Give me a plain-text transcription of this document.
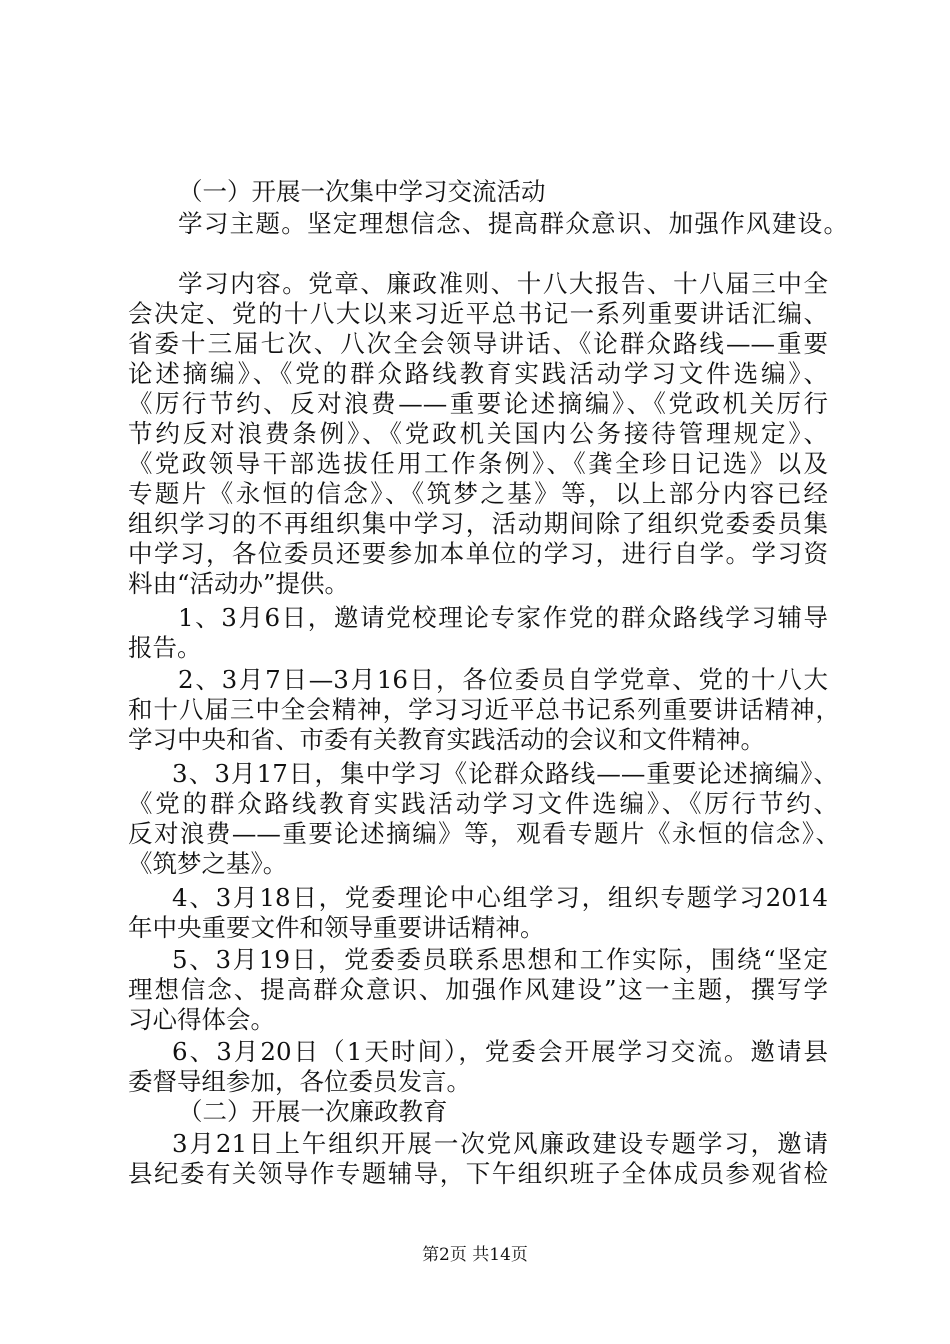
（一）开展一次集中学习交流活动
学习主题。坚定理想信念、提高群众意识、加强作风建设。
学习内容。党章、廉政准则、十八大报告、十八届三中全
会决定、党的十八大以来习近平总书记一系列重要讲话汇编、
省委十三届七次、八次全会领导讲话、《论群众路线——重要
论述摘编》、《党的群众路线教育实践活动学习文件选编》、
《厉行节约、反对浪费——重要论述摘编》、《党政机关厉行
节约反对浪费条例》、《党政机关国内公务接待管理规定》、
《党政领导干部选拔任用工作条例》、《龚全珍日记选》以及
专题片《永恒的信念》、《筑梦之基》等，以上部分内容已经
组织学习的不再组织集中学习，活动期间除了组织党委委员集
中学习，各位委员还要参加本单位的学习，进行自学。学习资
料由“活动办”提供。
1、3月6日，邀请党校理论专家作党的群众路线学习辅导
报告。
2、3月7日—3月16日，各位委员自学党章、党的十八大
和十八届三中全会精神，学习习近平总书记系列重要讲话精神，
学习中央和省、市委有关教育实践活动的会议和文件精神。
3、3月17日，集中学习《论群众路线——重要论述摘编》、
《党的群众路线教育实践活动学习文件选编》、《厉行节约、
反对浪费——重要论述摘编》等，观看专题片《永恒的信念》、
《筑梦之基》。
4、3月18日，党委理论中心组学习，组织专题学习2014
年中央重要文件和领导重要讲话精神。
5、3月19日，党委委员联系思想和工作实际，围绕“坚定
理想信念、提高群众意识、加强作风建设”这一主题，撰写学
习心得体会。
6、3月20日（1天时间），党委会开展学习交流。邀请县
委督导组参加，各位委员发言。
（二）开展一次廉政教育
3月21日上午组织开展一次党风廉政建设专题学习，邀请
县纪委有关领导作专题辅导，下午组织班子全体成员参观省检
第2页 共14页
